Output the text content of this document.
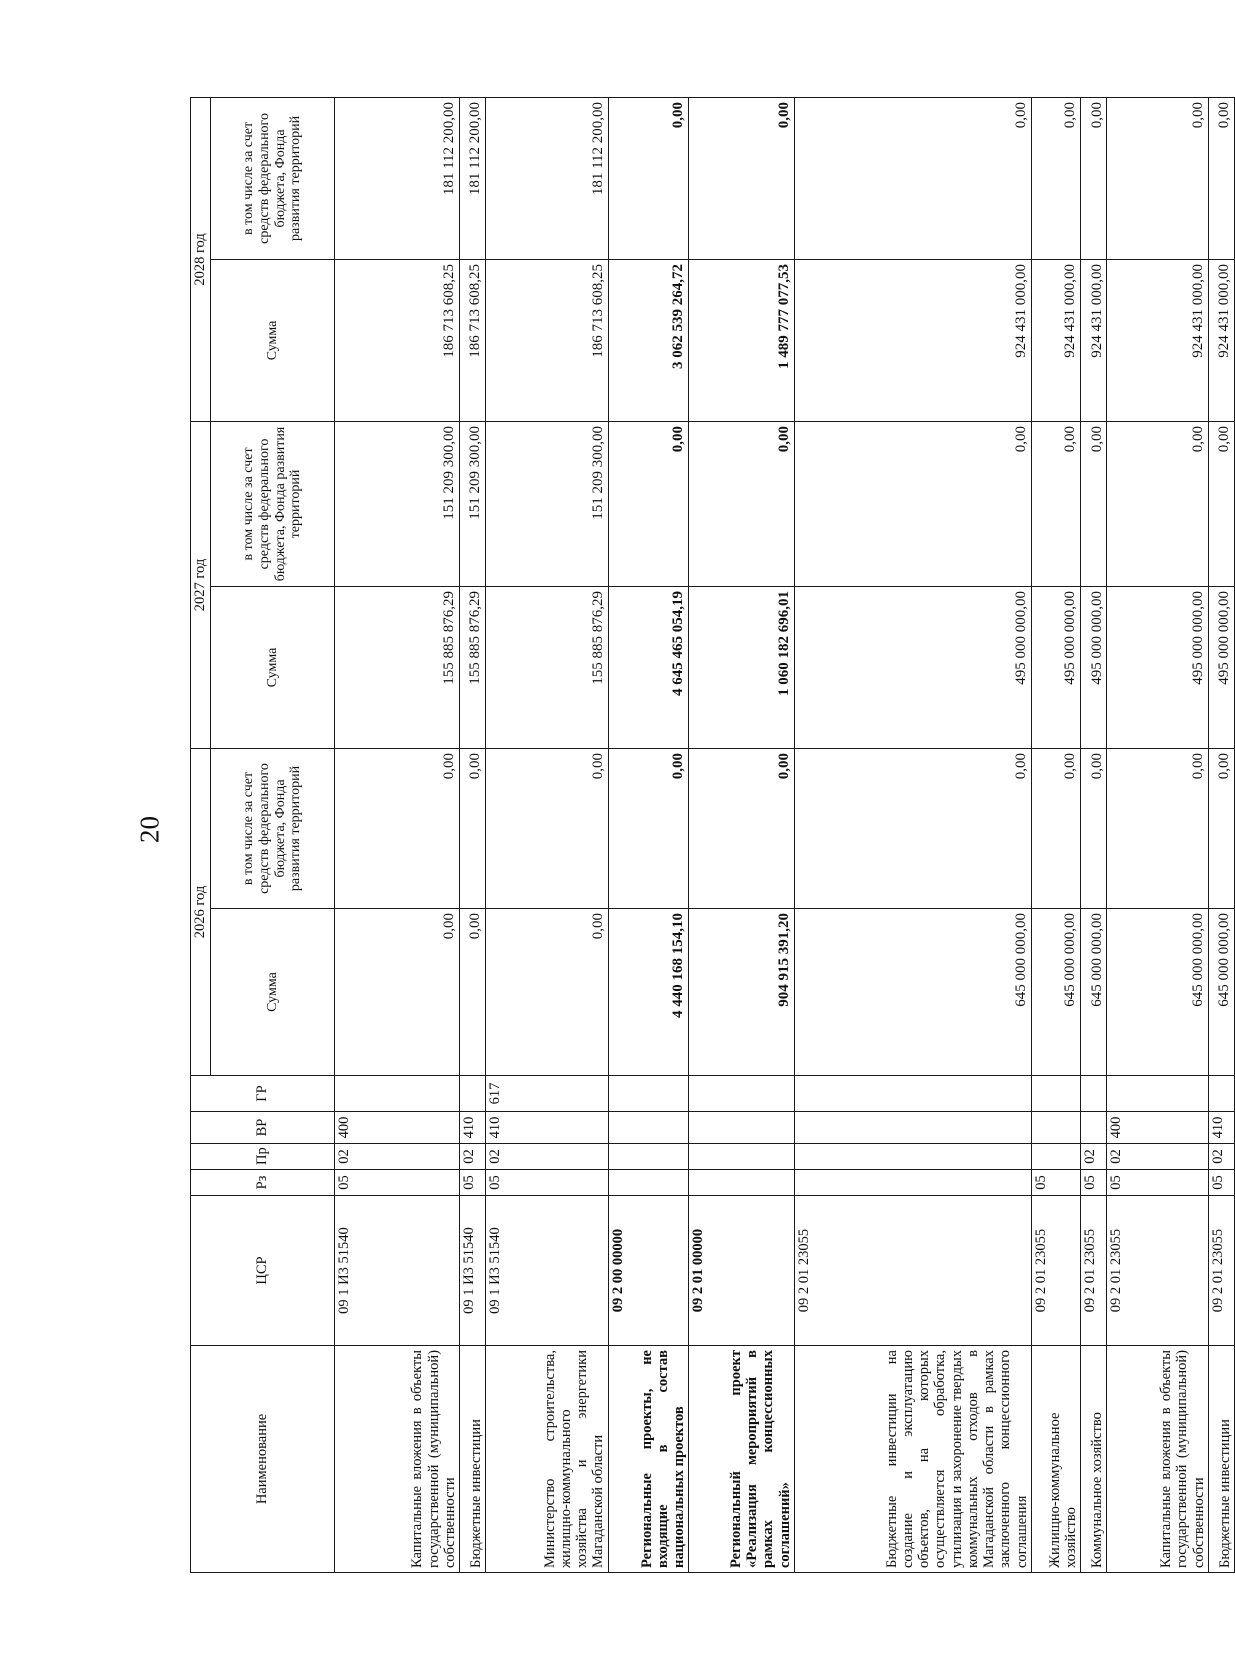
20
Наименование	ЦСР	Рз	Пр	ВР	ГР	2026 год		2027 год		2028 год	
						Сумма	в том числе за счет средств федерального бюджета, Фонда развития территорий	Сумма	в том числе за счет средств федерального бюджета, Фонда развития территорий	Сумма	в том числе за счет средств федерального бюджета, Фонда развития территорий
Капитальные вложения в объекты государственной (муниципальной) собственности	09 1 И3 51540	05	02	400		0,00	0,00	155 885 876,29	151 209 300,00	186 713 608,25	181 112 200,00
Бюджетные инвестиции	09 1 И3 51540	05	02	410		0,00	0,00	155 885 876,29	151 209 300,00	186 713 608,25	181 112 200,00
Министерство строительства, жилищно-коммунального хозяйства и энергетики Магаданской области	09 1 И3 51540	05	02	410	617	0,00	0,00	155 885 876,29	151 209 300,00	186 713 608,25	181 112 200,00
Региональные проекты, не входящие в состав национальных проектов	09 2 00 00000					4 440 168 154,10	0,00	4 645 465 054,19	0,00	3 062 539 264,72	0,00
Региональный проект «Реализация мероприятий в рамках концессионных соглашений»	09 2 01 00000					904 915 391,20	0,00	1 060 182 696,01	0,00	1 489 777 077,53	0,00
Бюджетные инвестиции на создание и эксплуатацию объектов, на которых осуществляется обработка, утилизация и захоронение твердых коммунальных отходов в Магаданской области в рамках заключенного концессионного соглашения	09 2 01 23055					645 000 000,00	0,00	495 000 000,00	0,00	924 431 000,00	0,00
Жилищно-коммунальное хозяйство	09 2 01 23055	05				645 000 000,00	0,00	495 000 000,00	0,00	924 431 000,00	0,00
Коммунальное хозяйство	09 2 01 23055	05	02			645 000 000,00	0,00	495 000 000,00	0,00	924 431 000,00	0,00
Капитальные вложения в объекты государственной (муниципальной) собственности	09 2 01 23055	05	02	400		645 000 000,00	0,00	495 000 000,00	0,00	924 431 000,00	0,00
Бюджетные инвестиции	09 2 01 23055	05	02	410		645 000 000,00	0,00	495 000 000,00	0,00	924 431 000,00	0,00
